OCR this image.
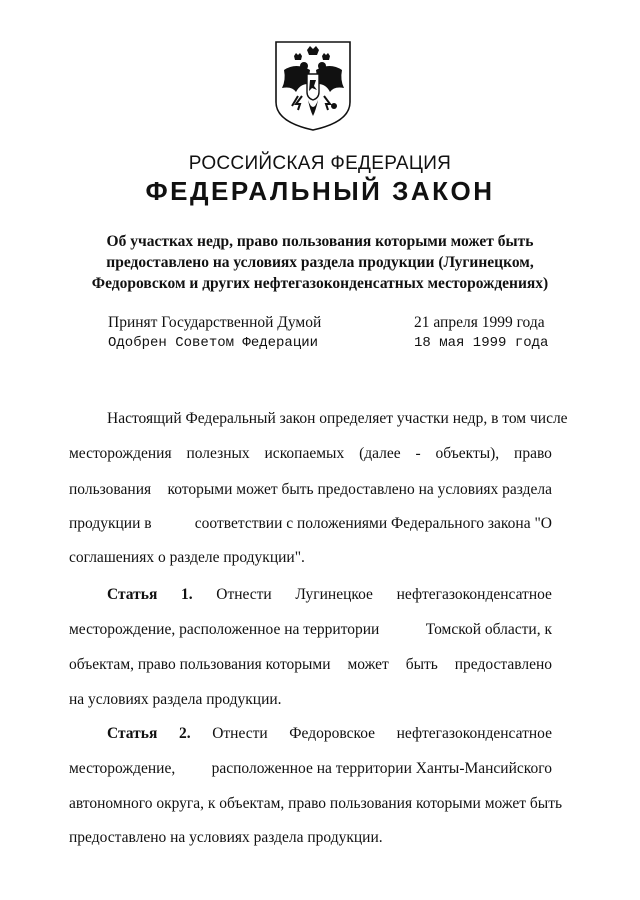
РОССИЙСКАЯ ФЕДЕРАЦИЯ
ФЕДЕРАЛЬНЫЙ ЗАКОН
Об участках недр, право пользования которыми может быть
предоставлено на условиях раздела продукции (Лугинецком,
Федоровском и других нефтегазоконденсатных месторождениях)
Принят Государственной Думой	21 апреля 1999 года
Одобрен Советом Федерации	18 мая 1999 года
Настоящий Федеральный закон определяет участки недр, в том числе
месторождения полезных ископаемых (далее - объекты), право
пользования которыми может быть предоставлено на условиях раздела
продукции в	соответствии с положениями Федерального закона "О
соглашениях о разделе продукции".
Статья 1. Отнести Лугинецкое нефтегазоконденсатное
месторождение, расположенное на территории	Томской области, к
объектам, право пользования которыми может быть предоставлено
на условиях раздела продукции.
Статья 2. Отнести Федоровское нефтегазоконденсатное
месторождение, расположенное на территории Ханты-Мансийского
автономного округа, к объектам, право пользования которыми может быть
предоставлено на условиях раздела продукции.
